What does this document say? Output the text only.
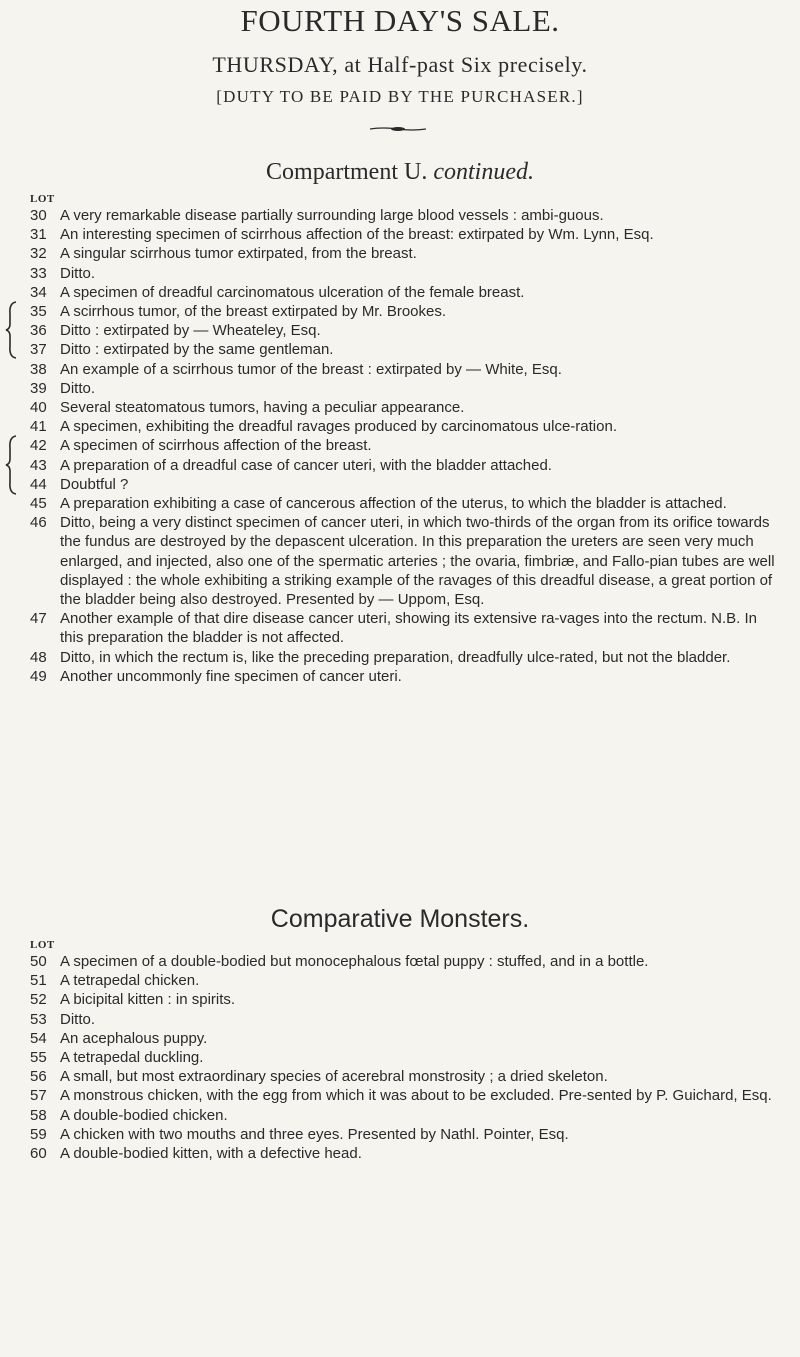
FOURTH DAY'S SALE.
THURSDAY, at Half-past Six precisely.
[DUTY TO BE PAID BY THE PURCHASER.]
Compartment U. continued.
LOT
30 A very remarkable disease partially surrounding large blood vessels : ambi-guous.
31 An interesting specimen of scirrhous affection of the breast: extirpated by Wm. Lynn, Esq.
32 A singular scirrhous tumor extirpated, from the breast.
33 Ditto.
34 A specimen of dreadful carcinomatous ulceration of the female breast.
35 A scirrhous tumor, of the breast extirpated by Mr. Brookes.
36 Ditto : extirpated by — Wheateley, Esq.
37 Ditto : extirpated by the same gentleman.
38 An example of a scirrhous tumor of the breast : extirpated by — White, Esq.
39 Ditto.
40 Several steatomatous tumors, having a peculiar appearance.
41 A specimen, exhibiting the dreadful ravages produced by carcinomatous ulce-ration.
42 A specimen of scirrhous affection of the breast.
43 A preparation of a dreadful case of cancer uteri, with the bladder attached.
44 Doubtful ?
45 A preparation exhibiting a case of cancerous affection of the uterus, to which the bladder is attached.
46 Ditto, being a very distinct specimen of cancer uteri, in which two-thirds of the organ from its orifice towards the fundus are destroyed by the depascent ulceration. In this preparation the ureters are seen very much enlarged, and injected, also one of the spermatic arteries ; the ovaria, fimbriæ, and Fallo-pian tubes are well displayed : the whole exhibiting a striking example of the ravages of this dreadful disease, a great portion of the bladder being also destroyed. Presented by — Uppom, Esq.
47 Another example of that dire disease cancer uteri, showing its extensive ra-vages into the rectum. N.B. In this preparation the bladder is not affected.
48 Ditto, in which the rectum is, like the preceding preparation, dreadfully ulce-rated, but not the bladder.
49 Another uncommonly fine specimen of cancer uteri.
Comparative Monsters.
LOT
50 A specimen of a double-bodied but monocephalous fœtal puppy : stuffed, and in a bottle.
51 A tetrapedal chicken.
52 A bicipital kitten : in spirits.
53 Ditto.
54 An acephalous puppy.
55 A tetrapedal duckling.
56 A small, but most extraordinary species of acerebral monstrosity ; a dried skeleton.
57 A monstrous chicken, with the egg from which it was about to be excluded. Pre-sented by P. Guichard, Esq.
58 A double-bodied chicken.
59 A chicken with two mouths and three eyes. Presented by Nathl. Pointer, Esq.
60 A double-bodied kitten, with a defective head.
